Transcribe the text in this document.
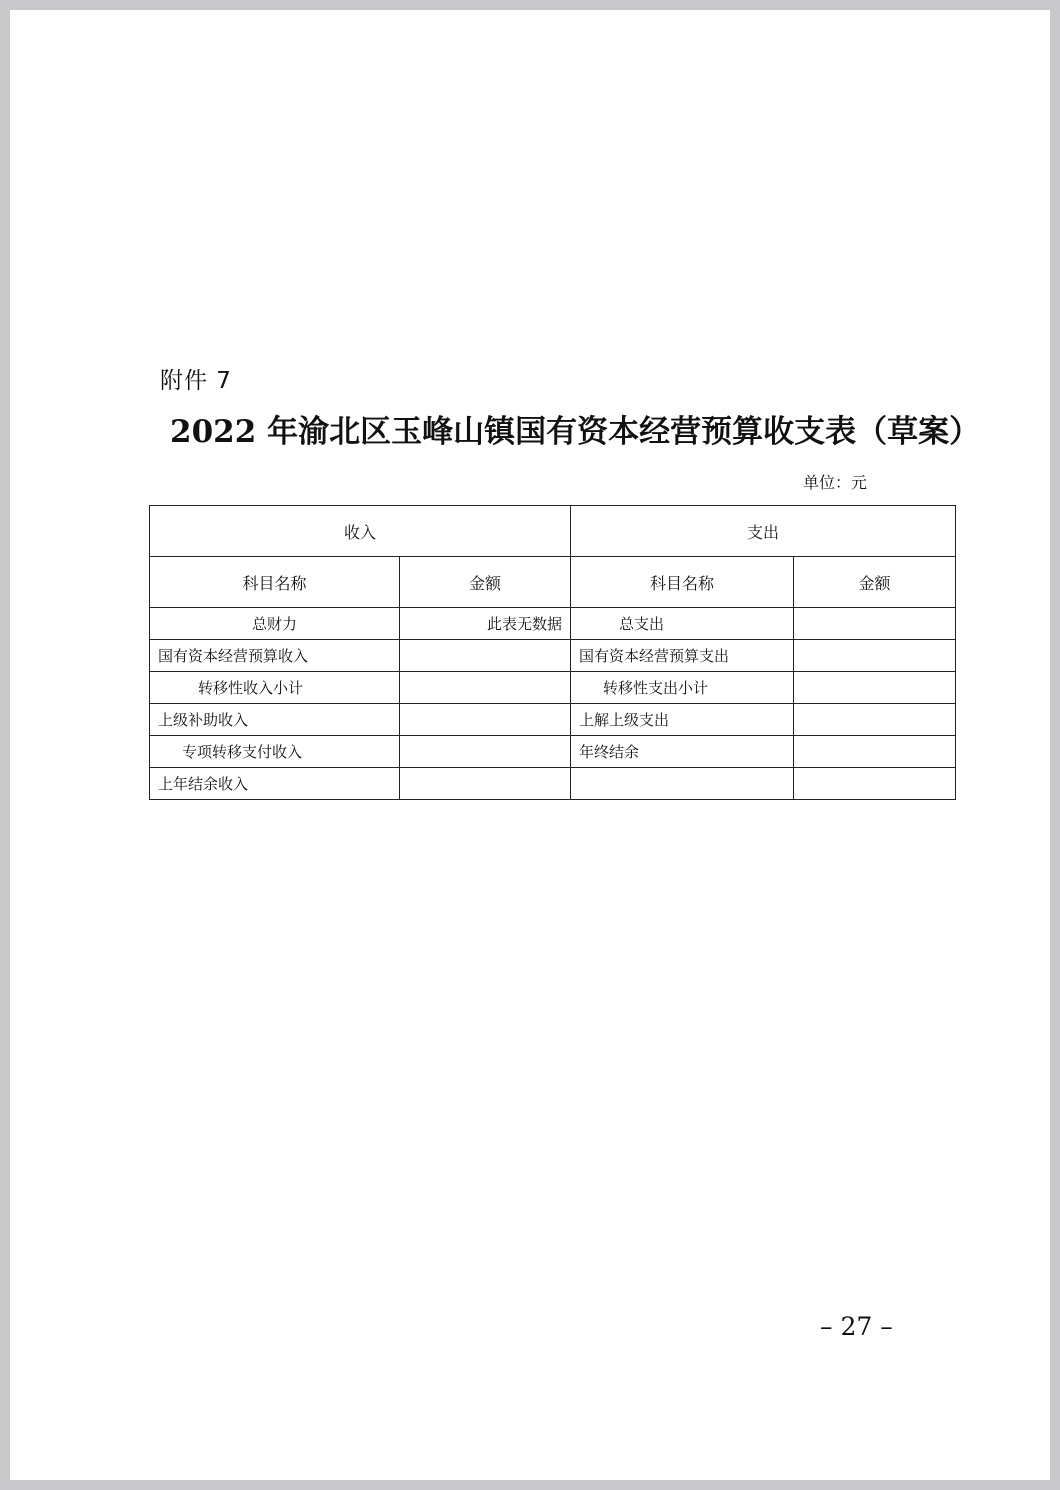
附件 7
2022 年渝北区玉峰山镇国有资本经营预算收支表（草案）
单位：元
收入		支出	
科目名称	金额	科目名称	金额
总财力	此表无数据	总支出	
国有资本经营预算收入		国有资本经营预算支出	
转移性收入小计		转移性支出小计	
上级补助收入		上解上级支出	
专项转移支付收入		年终结余	
上年结余收入			
– 27 –
